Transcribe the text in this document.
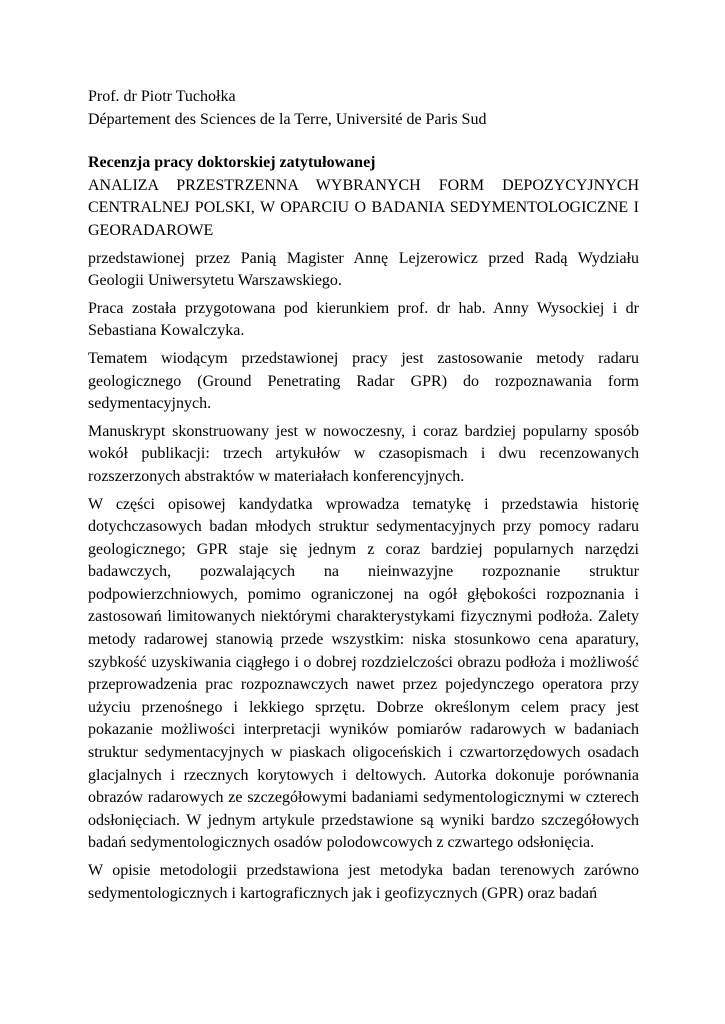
Prof. dr Piotr Tuchołka
Département des Sciences de la Terre, Université de Paris Sud
Recenzja pracy doktorskiej zatytułowanej

ANALIZA PRZESTRZENNA WYBRANYCH FORM DEPOZYCYJNYCH CENTRALNEJ POLSKI, W OPARCIU O BADANIA SEDYMENTOLOGICZNE I GEORADAROWE

przedstawionej przez Panią Magister Annę Lejzerowicz przed Radą Wydziału Geologii Uniwersytetu Warszawskiego.

Praca została przygotowana pod kierunkiem prof. dr hab. Anny Wysockiej i dr Sebastiana Kowalczyka.

Tematem wiodącym przedstawionej pracy jest zastosowanie metody radaru geologicznego (Ground Penetrating Radar GPR) do rozpoznawania form sedymentacyjnych.

Manuskrypt skonstruowany jest w nowoczesny, i coraz bardziej popularny sposób wokół publikacji: trzech artykułów w czasopismach i dwu recenzowanych rozszerzonych abstraktów w materiałach konferencyjnych.

W części opisowej kandydatka wprowadza tematykę i przedstawia historię dotychczasowych badan młodych struktur sedymentacyjnych przy pomocy radaru geologicznego; GPR staje się jednym z coraz bardziej popularnych narzędzi badawczych, pozwalających na nieinwazyjne rozpoznanie struktur podpowierzchniowych, pomimo ograniczonej na ogół głębokości rozpoznania i zastosowań limitowanych niektórymi charakterystykami fizycznymi podłoża. Zalety metody radarowej stanowią przede wszystkim: niska stosunkowo cena aparatury, szybkość uzyskiwania ciągłego i o dobrej rozdzielczości obrazu podłoża i możliwość przeprowadzenia prac rozpoznawczych nawet przez pojedynczego operatora przy użyciu przenośnego i lekkiego sprzętu. Dobrze określonym celem pracy jest pokazanie możliwości interpretacji wyników pomiarów radarowych w badaniach struktur sedymentacyjnych w piaskach oligoceńskich i czwartorzędowych osadach glacjalnych i rzecznych korytowych i deltowych. Autorka dokonuje porównania obrazów radarowych ze szczegółowymi badaniami sedymentologicznymi w czterech odsłonięciach. W jednym artykule przedstawione są wyniki bardzo szczegółowych badań sedymentologicznych osadów polodowcowych z czwartego odsłonięcia.

W opisie metodologii przedstawiona jest metodyka badan terenowych zarówno sedymentologicznych i kartograficznych jak i geofizycznych (GPR) oraz badań
